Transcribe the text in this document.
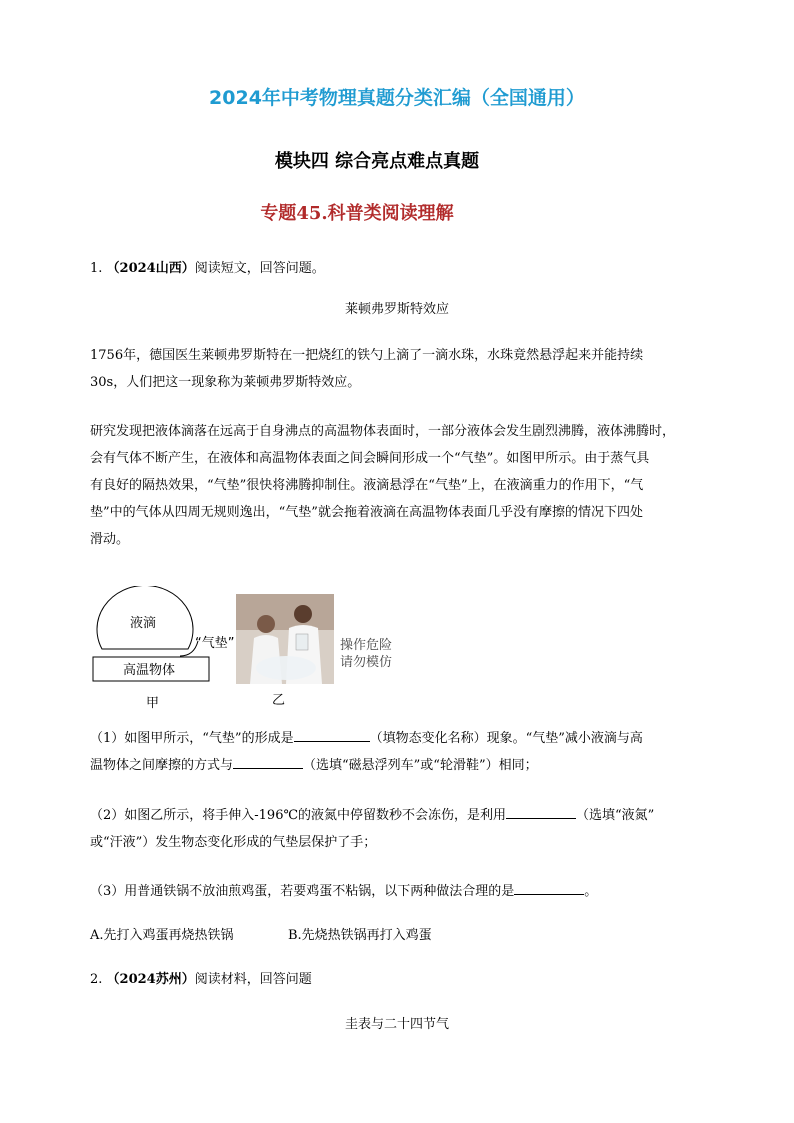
2024年中考物理真题分类汇编（全国通用）
模块四 综合亮点难点真题
专题45.科普类阅读理解
1. （2024山西）阅读短文，回答问题。
莱顿弗罗斯特效应
1756年，德国医生莱顿弗罗斯特在一把烧红的铁勺上滴了一滴水珠，水珠竟然悬浮起来并能持续
30s，人们把这一现象称为莱顿弗罗斯特效应。
研究发现把液体滴落在远高于自身沸点的高温物体表面时，一部分液体会发生剧烈沸腾，液体沸腾时，
会有气体不断产生，在液体和高温物体表面之间会瞬间形成一个“气垫”。如图甲所示。由于蒸气具
有良好的隔热效果，“气垫”很快将沸腾抑制住。液滴悬浮在“气垫”上，在液滴重力的作用下，“气
垫”中的气体从四周无规则逸出，“气垫”就会拖着液滴在高温物体表面几乎没有摩擦的情况下四处
滑动。
液滴
“气垫”
高温物体
甲	乙
操作危险
请勿模仿
（1）如图甲所示，“气垫”的形成是	（填物态变化名称）现象。“气垫”减小液滴与高
温物体之间摩擦的方式与	（选填“磁悬浮列车”或“轮滑鞋”）相同；
（2）如图乙所示，将手伸入-196℃的液氮中停留数秒不会冻伤，是利用	（选填“液氮”
或“汗液”）发生物态变化形成的气垫层保护了手；
（3）用普通铁锅不放油煎鸡蛋，若要鸡蛋不粘锅，以下两种做法合理的是	。
A.先打入鸡蛋再烧热铁锅	B.先烧热铁锅再打入鸡蛋
2. （2024苏州）阅读材料，回答问题
圭表与二十四节气
